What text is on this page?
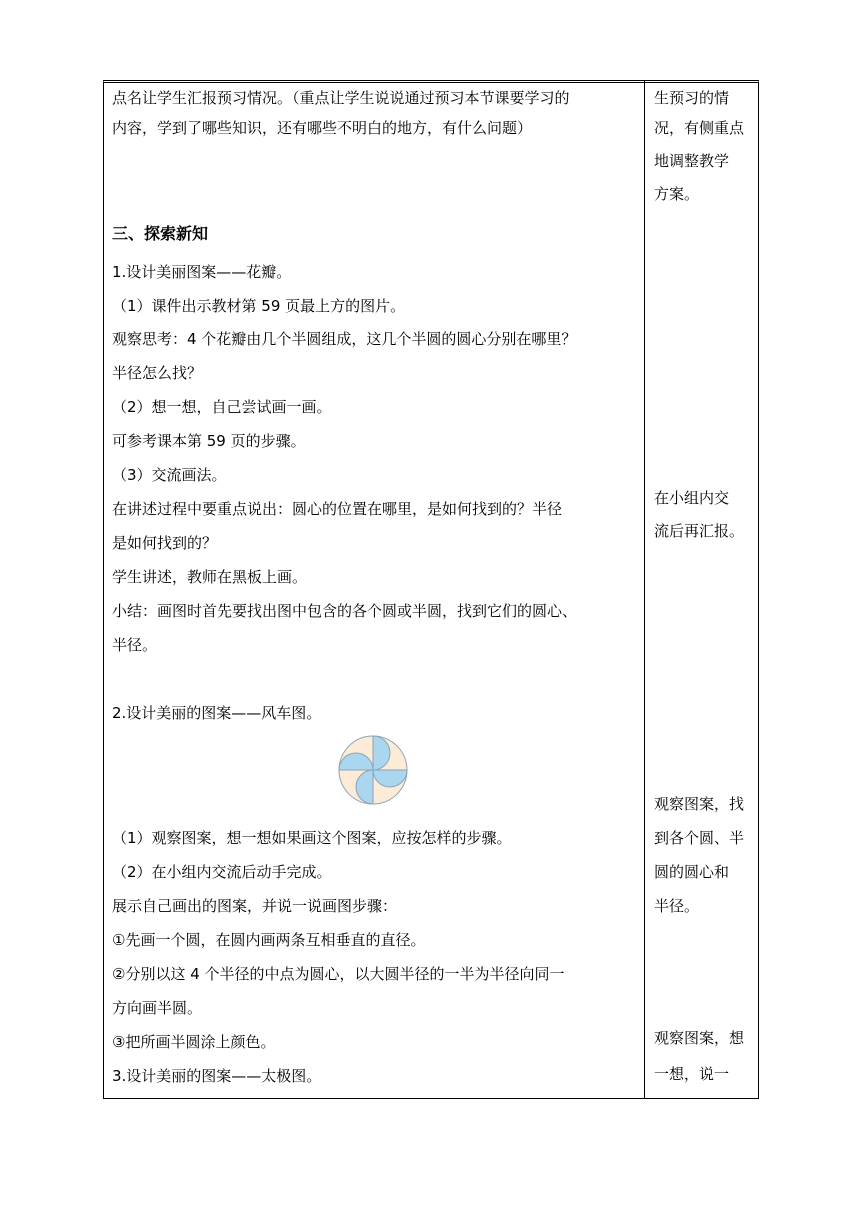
点名让学生汇报预习情况。（重点让学生说说通过预习本节课要学习的
内容，学到了哪些知识，还有哪些不明白的地方，有什么问题）
三、探索新知
1.设计美丽图案——花瓣。
（1）课件出示教材第 59 页最上方的图片。
观察思考：4 个花瓣由几个半圆组成，这几个半圆的圆心分别在哪里？
半径怎么找？
（2）想一想，自己尝试画一画。
可参考课本第 59 页的步骤。
（3）交流画法。
在讲述过程中要重点说出：圆心的位置在哪里，是如何找到的？半径
是如何找到的？
学生讲述，教师在黑板上画。
小结：画图时首先要找出图中包含的各个圆或半圆，找到它们的圆心、
半径。
2.设计美丽的图案——风车图。
（1）观察图案，想一想如果画这个图案，应按怎样的步骤。
（2）在小组内交流后动手完成。
展示自己画出的图案，并说一说画图步骤：
①先画一个圆，在圆内画两条互相垂直的直径。
②分别以这 4 个半径的中点为圆心，以大圆半径的一半为半径向同一
方向画半圆。
③把所画半圆涂上颜色。
3.设计美丽的图案——太极图。
生预习的情
况，有侧重点
地调整教学
方案。
在小组内交
流后再汇报。
观察图案，找
到各个圆、半
圆的圆心和
半径。
观察图案，想
一想，说一
